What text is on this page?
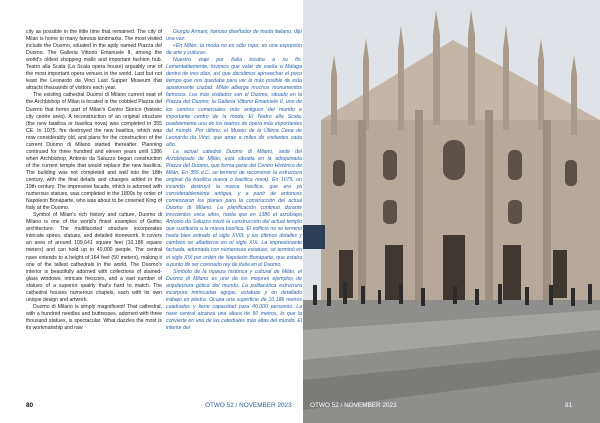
city as possible in the little time that remained. The city of Milan is home to many famous landmarks. The most visited include the Duomo, situated in the aptly named Piazza del Duomo. The Galleria Vittorio Emanuele II, among the world's oldest shopping malls and important fashion hub. Teatro alla Scala (La Scala opera house) arguably one of the most important opera venues in the world. Last but not least the Leonardo da Vinci Last Supper Museum that attracts thousands of visitors each year.

The existing cathedral Duomo di Milano current seat of the Archbishop of Milan is located in the cobbled Piazza del Duomo that forms part of Milan's Centro Storico (historic city centre area). A reconstruction of an original structure (the new basilica or basilica nova) was completed in 355 CE. In 1075, fire destroyed the new basilica, which was now considerably old, and plans for the construction of the current Duomo di Milano started thereafter. Planning continued for three hundred and eleven years until 1386 when Archbishop, Antonio da Saluzzo began construction of the current temple that would replace the new basilica. The building was not completed and well into the 18th century, with the final details and changes added in the 19th century. The impressive facade, which is adorned with numerous statues, was completed in the 1800s by order of Napoleon Bonaparte, who was about to be crowned King of Italy at the Duomo.

Symbol of Milan's rich history and culture, Duomo di Milano is one of the world's finest examples of Gothic architecture. The multifaceted structure incorporates intricate spires, statues, and detailed stonework. It covers an area of around 109,641 square feet (10,186 square meters) and can hold up to 40,000 people. The central nave extends to a height of 164 feet (50 meters), making it one of the tallest cathedrals in the world. The Duomo's interior is beautifully adorned with collections of stained-glass windows, intricate frescoes, and a vast number of statues of a superior quality that's hard to match. The cathedral houses numerous chapels, each with its own unique design and artwork.

Duomo di Milano is simply magnificent! That cathedral, with a hundred needles and buttresses, adorned with three thousand statues, is spectacular. What dazzles the most is its workmanship and raw

Giorgio Armani, famoso diseñador de moda italiano, dijo una vez:

«En Milán, la moda no es sólo ropa; es una expresión de arte y cultura».

Nuestro viaje por Italia tocaba a su fin. Lamentablemente, tuvimos que volar de vuelta a Málaga dentro de tres días, así que decidimos aprovechar el poco tiempo que nos quedaba para ver la más posible de esta apasionante ciudad. Milán alberga muchos monumentos famosos. Los más visitados son el Duomo, situado en la Piazza del Duomo; la Galleria Vittorio Emanuele II, uno de los centros comerciales más antiguos del mundo e importante centro de la moda; El Teatro alla Scala, posiblemente uno de los teatros de ópera más importantes del mundo. Por último, el Museo de la Última Cena de Leonardo da Vinci, que atrae a miles de visitantes cada año.

La actual catedral Duomo di Milano, sede del Arzobispado de Milán, está situada en la adoquinada Piazza del Duomo, que forma parte del Centro Histórico de Milán. En 355 d.C. se terminó de reconstruir la estructura original (la basílica nueva o basílica nova). En 1075, un incendio destruyó la nueva basílica, que era ya considerablemente antigua, y a partir de entonces comenzaron los planes para la construcción del actual Duomo di Milano. La planificación continuó durante trescientos once años, hasta que en 1386 el arzobispo Antonio da Saluzzo inició la construcción del actual templo que sustituiría a la nueva basílica. El edificio no se terminó hasta bien entrado el siglo XVIII, y los últimos detalles y cambios se añadieron en el siglo XIX. La impresionante fachada, adornada con numerosas estatuas, se terminó en el siglo XIX por orden de Napoleón Bonaparte, que estaba a punto de ser coronado rey de Italia en el Duomo.

Símbolo de la riqueza histórica y cultural de Milán, el Duomo di Milano es uno de los mejores ejemplos de arquitectura gótica del mundo. La polifacética estructura incorpora intrincadas agujas, estatuas y un detallado trabajo en piedra. Ocupa una superficie de 10.186 metros cuadrados y tiene capacidad para 40.000 personas. La nave central alcanza una altura de 50 metros, lo que la convierte en una de las catedrales más altas del mundo. El interior del

80	OTWO 52 / NOVEMBER 2023	OTWO 52 / NOVEMBER 2023	81
